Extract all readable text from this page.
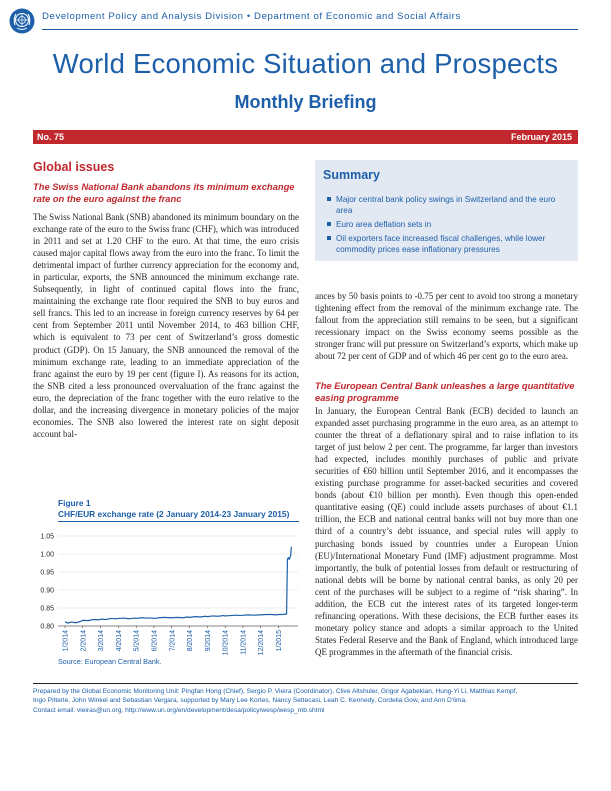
Development Policy and Analysis Division • Department of Economic and Social Affairs
World Economic Situation and Prospects
Monthly Briefing
No. 75	February 2015
Summary
Major central bank policy swings in Switzerland and the euro area
Euro area deflation sets in
Oil exporters face increased fiscal challenges, while lower commodity prices ease inflationary pressures
Global issues
The Swiss National Bank abandons its minimum exchange rate on the euro against the franc
The Swiss National Bank (SNB) abandoned its minimum boundary on the exchange rate of the euro to the Swiss franc (CHF), which was introduced in 2011 and set at 1.20 CHF to the euro. At that time, the euro crisis caused major capital flows away from the euro into the franc. To limit the detrimental impact of further currency appreciation for the economy and, in particular, exports, the SNB announced the minimum exchange rate. Subsequently, in light of continued capital flows into the franc, maintaining the exchange rate floor required the SNB to buy euros and sell francs. This led to an increase in foreign currency reserves by 64 per cent from September 2011 until November 2014, to 463 billion CHF, which is equivalent to 73 per cent of Switzerland’s gross domestic product (GDP). On 15 January, the SNB announced the removal of the minimum exchange rate, leading to an immediate appreciation of the franc against the euro by 19 per cent (figure I). As reasons for its action, the SNB cited a less pronounced overvaluation of the franc against the euro, the depreciation of the franc together with the euro relative to the dollar, and the increasing divergence in monetary policies of the major economies. The SNB also lowered the interest rate on sight deposit account bal-
ances by 50 basis points to -0.75 per cent to avoid too strong a monetary tightening effect from the removal of the minimum exchange rate. The fallout from the appreciation still remains to be seen, but a significant recessionary impact on the Swiss economy seems possible as the stronger franc will put pressure on Switzerland’s exports, which make up about 72 per cent of GDP and of which 46 per cent go to the euro area.
The European Central Bank unleashes a large quantitative easing programme
In January, the European Central Bank (ECB) decided to launch an expanded asset purchasing programme in the euro area, as an attempt to counter the threat of a deflationary spiral and to raise inflation to its target of just below 2 per cent. The programme, far larger than investors had expected, includes monthly purchases of public and private securities of €60 billion until September 2016, and it encompasses the existing purchase programme for asset-backed securities and covered bonds (about €10 billion per month). Even though this open-ended quantitative easing (QE) could include assets purchases of about €1.1 trillion, the ECB and national central banks will not buy more than one third of a country’s debt issuance, and special rules will apply to purchasing bonds issued by countries under a European Union (EU)/International Monetary Fund (IMF) adjustment programme. Most importantly, the bulk of potential losses from default or restructuring of national debts will be borne by national central banks, as only 20 per cent of the purchases will be subject to a regime of “risk sharing”. In addition, the ECB cut the interest rates of its targeted longer-term refinancing operations. With these decisions, the ECB further eases its monetary policy stance and adopts a similar approach to the United States Federal Reserve and the Bank of England, which introduced large QE programmes in the aftermath of the financial crisis.
Figure 1
CHF/EUR exchange rate (2 January 2014-23 January 2015)
0.80
0.85
0.90
0.95
1.00
1.05
1/2014 2/2014 3/2014 4/2014 5/2014 6/2014 7/2014 8/2014 9/2014 10/2014 11/2014 12/2014 1/2015
Source: European Central Bank.
Prepared by the Global Economic Monitoring Unit: Pingfan Hong (Chief), Sergio P. Vieira (Coordinator), Clive Altshuler, Grigor Agabekian, Hung-Yi Li, Matthias Kempf,
Ingo Pitterle, John Winkel and Sebastian Vergara, supported by Mary Lee Kortes, Nancy Settecasi, Leah C. Kennedy, Cordelia Gow, and Ann D'lima.
Contact email: vieiras@un.org, http://www.un.org/en/development/desa/policy/wesp/wesp_mb.shtml
